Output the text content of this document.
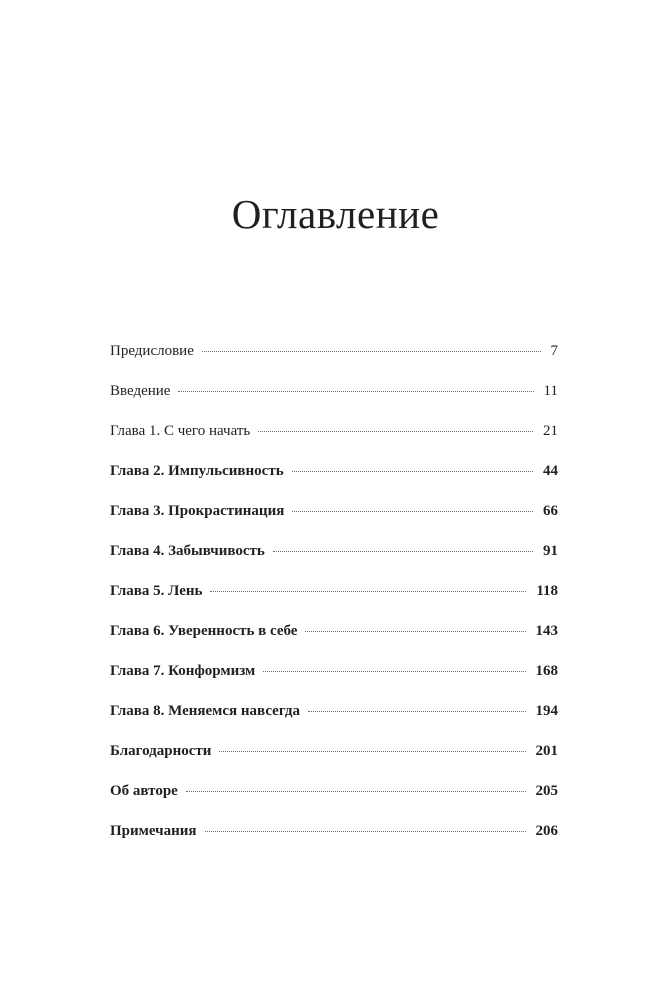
Оглавление
Предисловие	7
Введение	11
Глава 1. С чего начать	21
Глава 2. Импульсивность	44
Глава 3. Прокрастинация	66
Глава 4. Забывчивость	91
Глава 5. Лень	118
Глава 6. Уверенность в себе	143
Глава 7. Конформизм	168
Глава 8. Меняемся навсегда	194
Благодарности	201
Об авторе	205
Примечания	206
